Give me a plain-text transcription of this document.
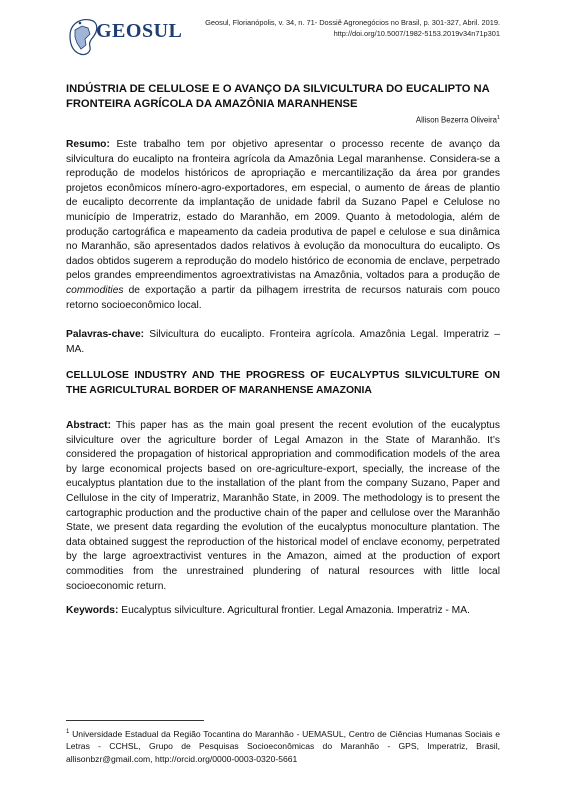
GEOSUL	Geosul, Florianópolis, v. 34, n. 71- Dossiê Agronegócios no Brasil, p. 301-327, Abril. 2019.
http://doi.org/10.5007/1982-5153.2019v34n71p301
INDÚSTRIA DE CELULOSE E O AVANÇO DA SILVICULTURA DO EUCALIPTO NA FRONTEIRA AGRÍCOLA DA AMAZÔNIA MARANHENSE
Allison Bezerra Oliveira$^1$
Resumo: Este trabalho tem por objetivo apresentar o processo recente de avanço da silvicultura do eucalipto na fronteira agrícola da Amazônia Legal maranhense. Considera-se a reprodução de modelos históricos de apropriação e mercantilização da área por grandes projetos econômicos mínero-agro-exportadores, em especial, o aumento de áreas de plantio de eucalipto decorrente da implantação de unidade fabril da Suzano Papel e Celulose no município de Imperatriz, estado do Maranhão, em 2009. Quanto à metodologia, além de produção cartográfica e mapeamento da cadeia produtiva de papel e celulose e sua dinâmica no Maranhão, são apresentados dados relativos à evolução da monocultura do eucalipto. Os dados obtidos sugerem a reprodução do modelo histórico de economia de enclave, perpetrado pelos grandes empreendimentos agroextrativistas na Amazônia, voltados para a produção de commodities de exportação a partir da pilhagem irrestrita de recursos naturais com pouco retorno socioeconômico local.
Palavras-chave: Silvicultura do eucalipto. Fronteira agrícola. Amazônia Legal. Imperatriz – MA.
CELLULOSE INDUSTRY AND THE PROGRESS OF EUCALYPTUS SILVICULTURE ON THE AGRICULTURAL BORDER OF MARANHENSE AMAZONIA
Abstract: This paper has as the main goal present the recent evolution of the eucalyptus silviculture over the agriculture border of Legal Amazon in the State of Maranhão. It’s considered the propagation of historical appropriation and commodification models of the area by large economical projects based on ore-agriculture-export, specially, the increase of the eucalyptus plantation due to the installation of the plant from the company Suzano, Paper and Cellulose in the city of Imperatriz, Maranhão State, in 2009. The methodology is to present the cartographic production and the productive chain of the paper and cellulose over the Maranhão State, we present data regarding the evolution of the eucalyptus monoculture plantation. The data obtained suggest the reproduction of the historical model of enclave economy, perpetrated by the large agroextractivist ventures in the Amazon, aimed at the production of export commodities from the unrestrained plundering of natural resources with little local socioeconomic return.
Keywords: Eucalyptus silviculture. Agricultural frontier. Legal Amazonia. Imperatriz - MA.
$^1$ Universidade Estadual da Região Tocantina do Maranhão - UEMASUL, Centro de Ciências Humanas Sociais e Letras - CCHSL, Grupo de Pesquisas Socioeconômicas do Maranhão - GPS, Imperatriz, Brasil, allisonbzr@gmail.com, http://orcid.org/0000-0003-0320-5661
